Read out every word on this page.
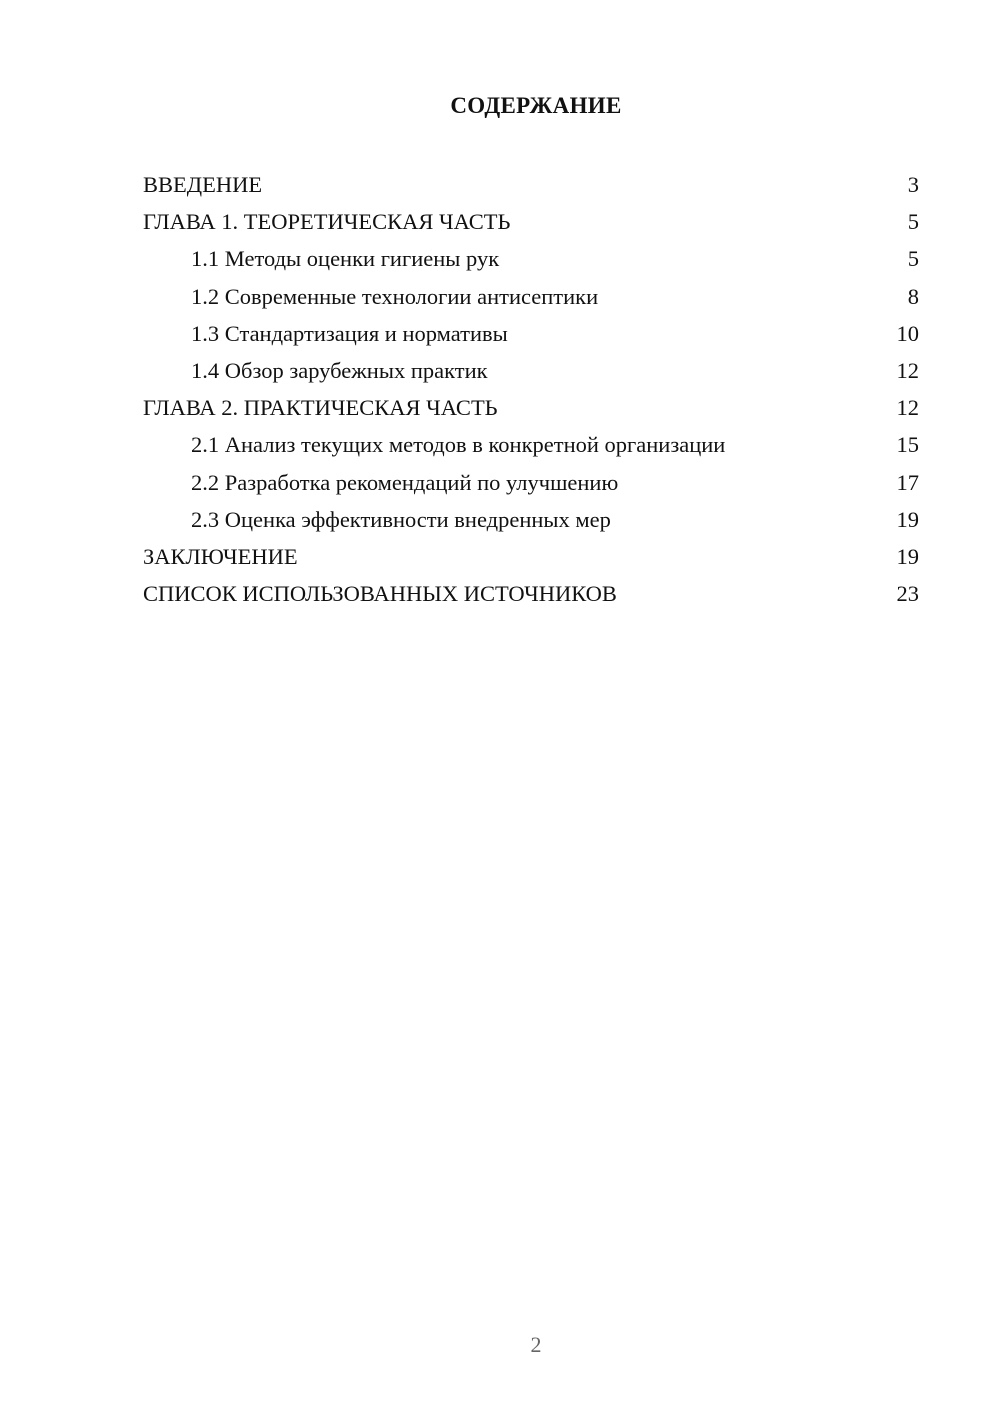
СОДЕРЖАНИЕ
ВВЕДЕНИЕ	3
ГЛАВА 1. ТЕОРЕТИЧЕСКАЯ ЧАСТЬ	5
1.1 Методы оценки гигиены рук	5
1.2 Современные технологии антисептики	8
1.3 Стандартизация и нормативы	10
1.4 Обзор зарубежных практик	12
ГЛАВА 2. ПРАКТИЧЕСКАЯ ЧАСТЬ	12
2.1 Анализ текущих методов в конкретной организации	15
2.2 Разработка рекомендаций по улучшению	17
2.3 Оценка эффективности внедренных мер	19
ЗАКЛЮЧЕНИЕ	19
СПИСОК ИСПОЛЬЗОВАННЫХ ИСТОЧНИКОВ	23
2
